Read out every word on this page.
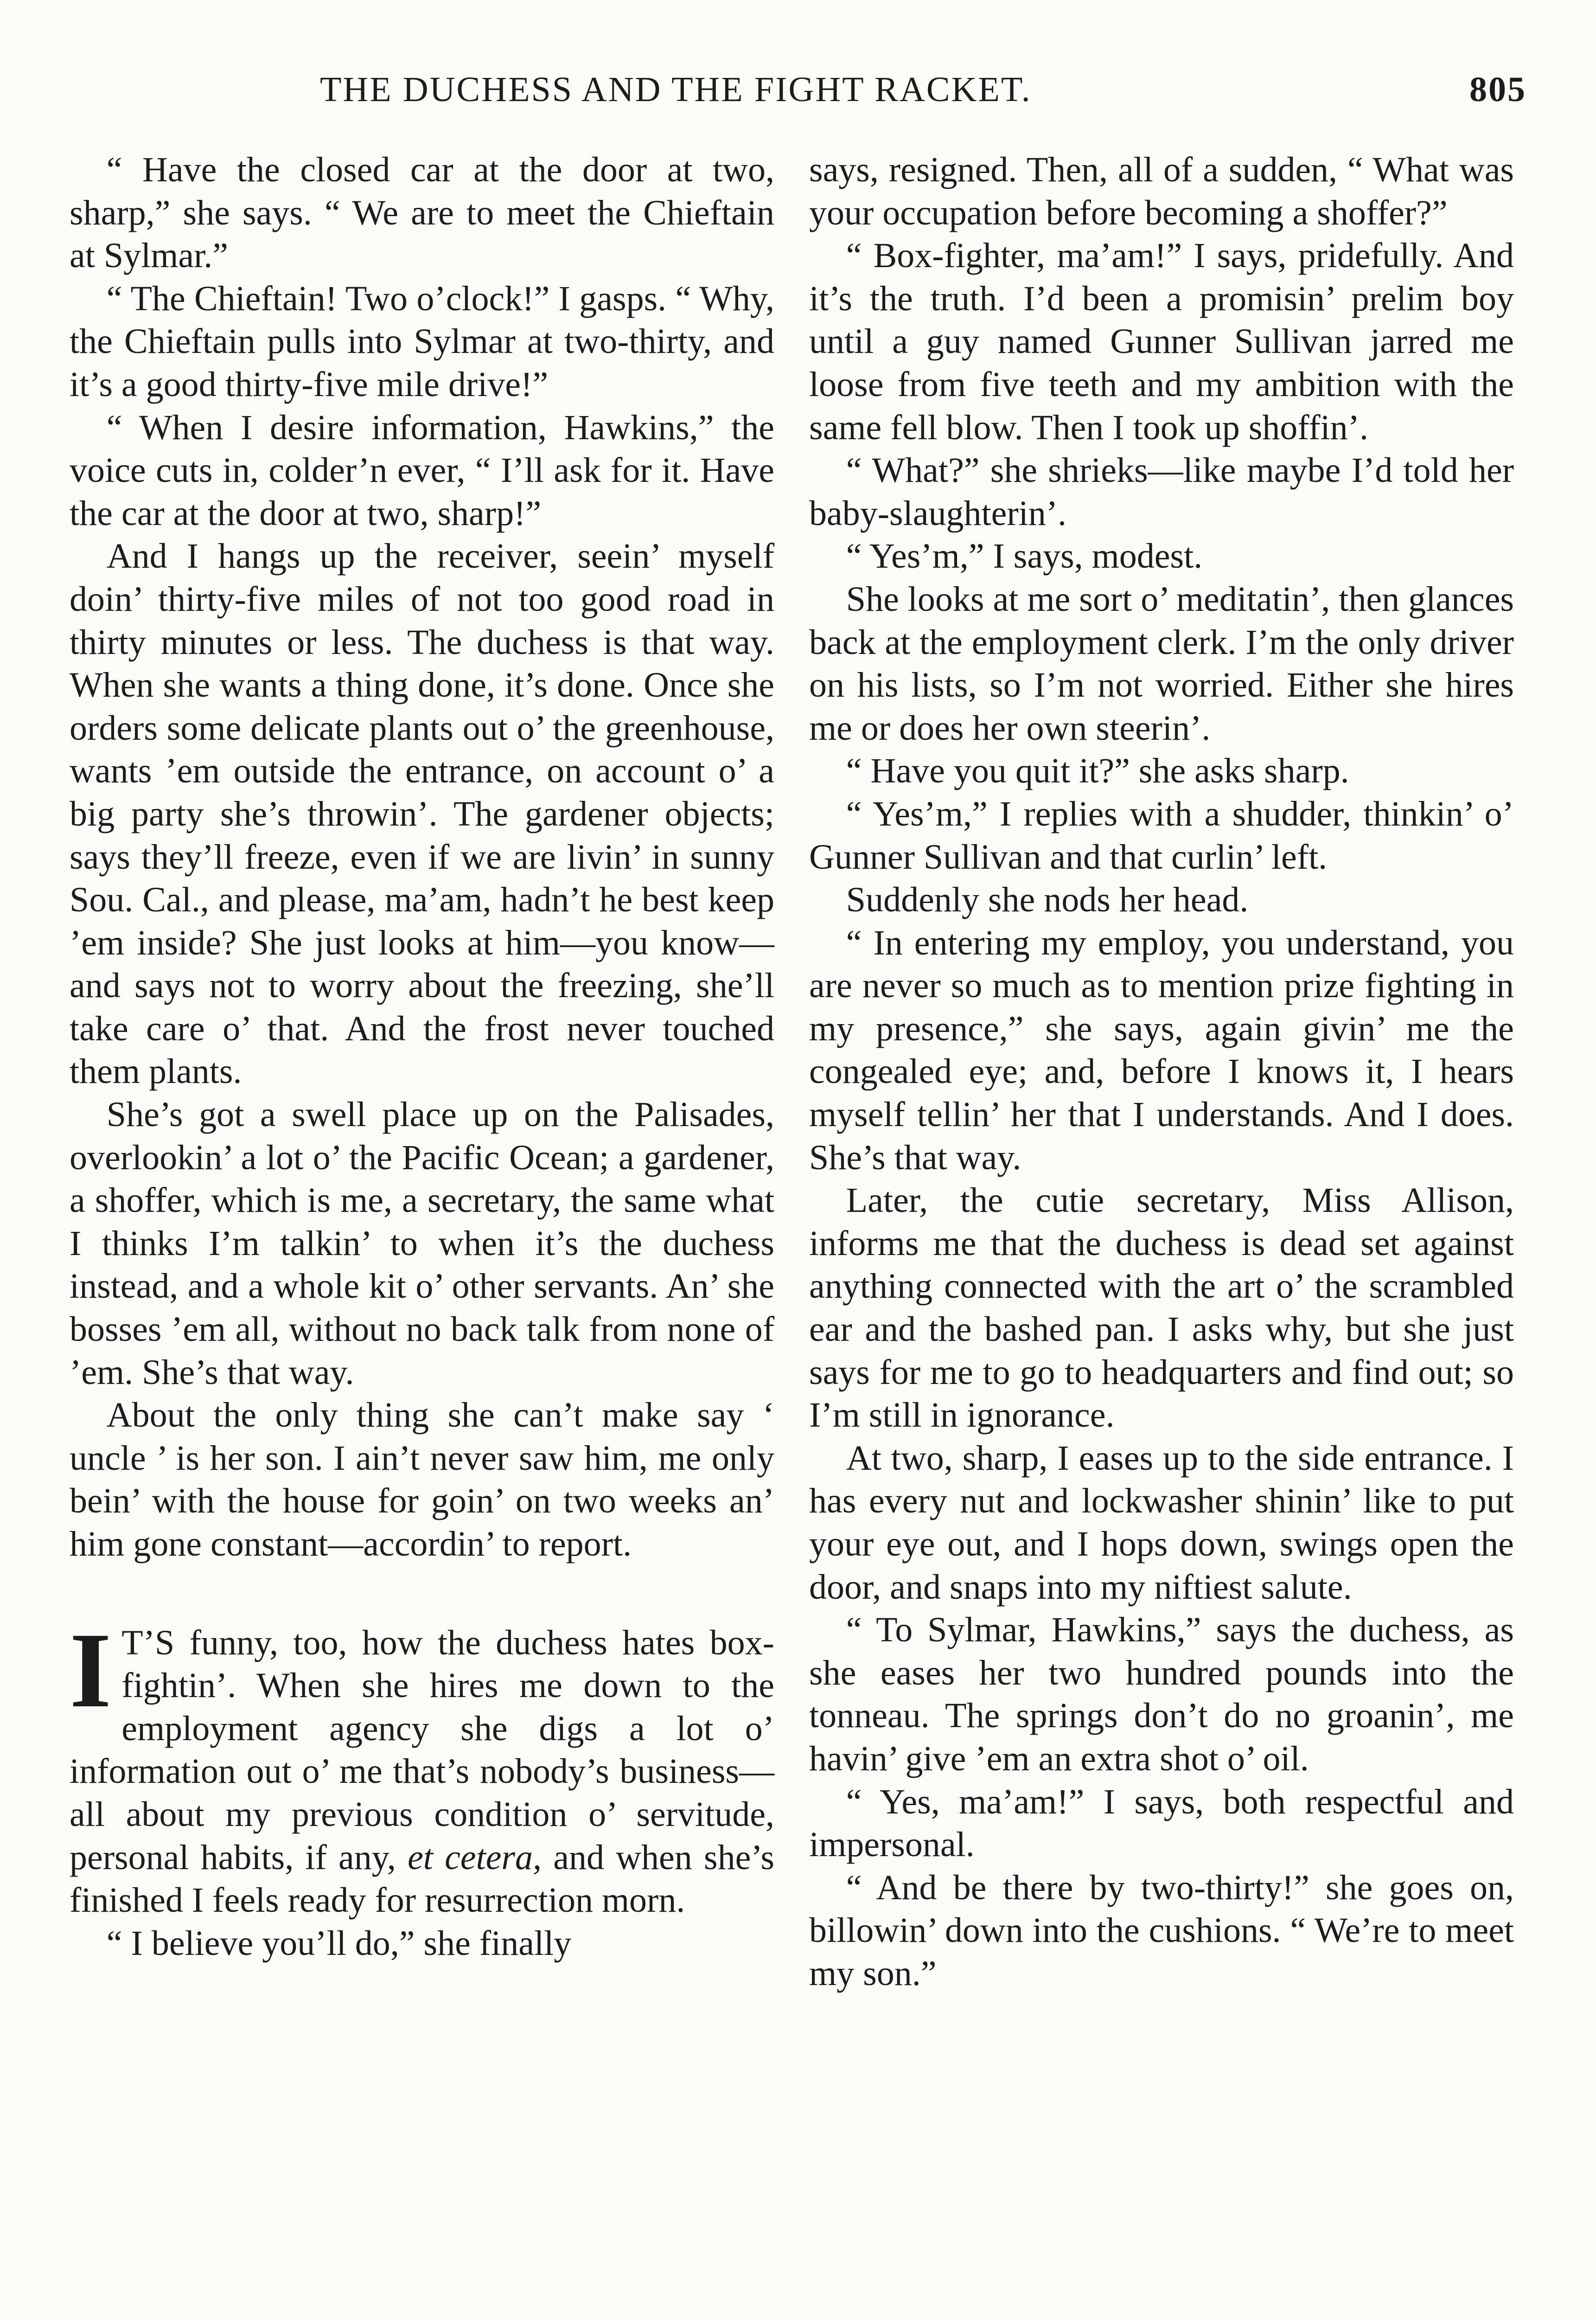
THE DUCHESS AND THE FIGHT RACKET.	805

“ Have the closed car at the door at two, sharp,” she says. “ We are to meet the Chieftain at Sylmar.”

“ The Chieftain! Two o’clock!” I gasps. “ Why, the Chieftain pulls into Sylmar at two-thirty, and it’s a good thirty-five mile drive!”

“ When I desire information, Hawkins,” the voice cuts in, colder’n ever, “ I’ll ask for it. Have the car at the door at two, sharp!”

And I hangs up the receiver, seein’ myself doin’ thirty-five miles of not too good road in thirty minutes or less. The duchess is that way. When she wants a thing done, it’s done. Once she orders some delicate plants out o’ the greenhouse, wants ’em outside the entrance, on account o’ a big party she’s throwin’. The gardener objects; says they’ll freeze, even if we are livin’ in sunny Sou. Cal., and please, ma’am, hadn’t he best keep ’em inside? She just looks at him—you know—and says not to worry about the freezing, she’ll take care o’ that. And the frost never touched them plants.

She’s got a swell place up on the Palisades, overlookin’ a lot o’ the Pacific Ocean; a gardener, a shoffer, which is me, a secretary, the same what I thinks I’m talkin’ to when it’s the duchess instead, and a whole kit o’ other servants. An’ she bosses ’em all, without no back talk from none of ’em. She’s that way.

About the only thing she can’t make say ‘ uncle ’ is her son. I ain’t never saw him, me only bein’ with the house for goin’ on two weeks an’ him gone constant—accordin’ to report.

I T’S funny, too, how the duchess hates box-fightin’. When she hires me down to the employment agency she digs a lot o’ information out o’ me that’s nobody’s business—all about my previous condition o’ servitude, personal habits, if any, et cetera, and when she’s finished I feels ready for resurrection morn.

“ I believe you’ll do,” she finally

says, resigned. Then, all of a sudden, “ What was your occupation before becoming a shoffer?”

“ Box-fighter, ma’am!” I says, pridefully. And it’s the truth. I’d been a promisin’ prelim boy until a guy named Gunner Sullivan jarred me loose from five teeth and my ambition with the same fell blow. Then I took up shoffin’.

“ What?” she shrieks—like maybe I’d told her baby-slaughterin’.

“ Yes’m,” I says, modest.

She looks at me sort o’ meditatin’, then glances back at the employment clerk. I’m the only driver on his lists, so I’m not worried. Either she hires me or does her own steerin’.

“ Have you quit it?” she asks sharp.

“ Yes’m,” I replies with a shudder, thinkin’ o’ Gunner Sullivan and that curlin’ left.

Suddenly she nods her head.

“ In entering my employ, you understand, you are never so much as to mention prize fighting in my presence,” she says, again givin’ me the congealed eye; and, before I knows it, I hears myself tellin’ her that I understands. And I does. She’s that way.

Later, the cutie secretary, Miss Allison, informs me that the duchess is dead set against anything connected with the art o’ the scrambled ear and the bashed pan. I asks why, but she just says for me to go to headquarters and find out; so I’m still in ignorance.

At two, sharp, I eases up to the side entrance. I has every nut and lockwasher shinin’ like to put your eye out, and I hops down, swings open the door, and snaps into my niftiest salute.

“ To Sylmar, Hawkins,” says the duchess, as she eases her two hundred pounds into the tonneau. The springs don’t do no groanin’, me havin’ give ’em an extra shot o’ oil.

“ Yes, ma’am!” I says, both respectful and impersonal.

“ And be there by two-thirty!” she goes on, billowin’ down into the cushions. “ We’re to meet my son.”
